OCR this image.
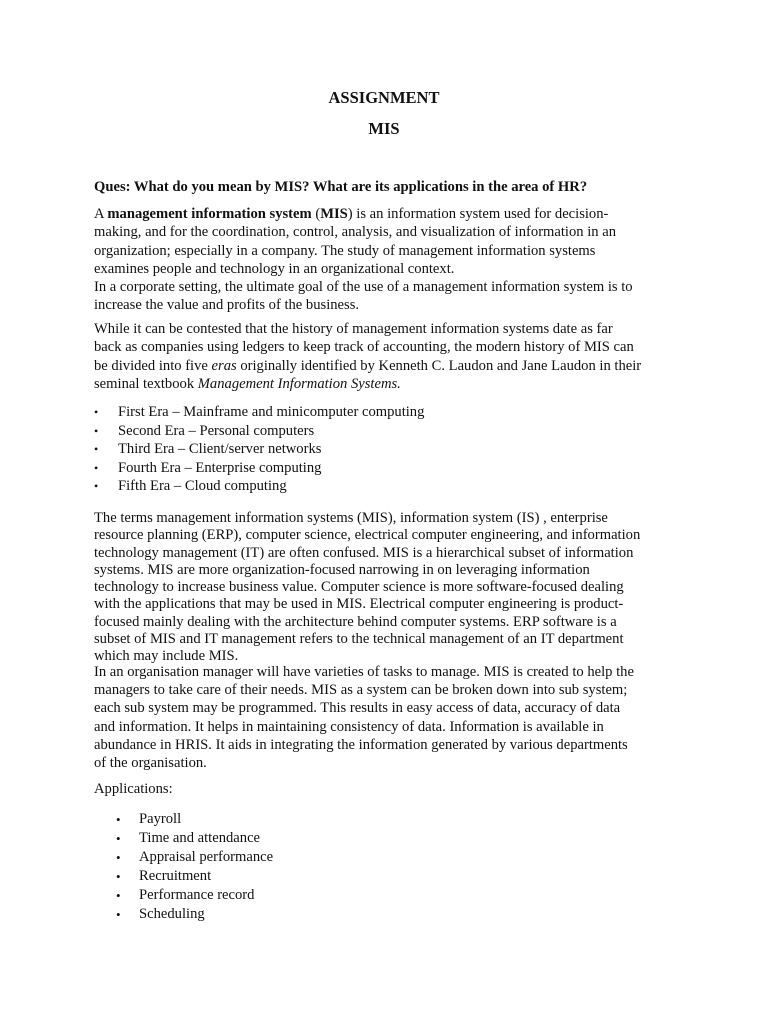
ASSIGNMENT
MIS
Ques: What do you mean by MIS? What are its applications in the area of HR?
A management information system (MIS) is an information system used for decision-
making, and for the coordination, control, analysis, and visualization of information in an
organization; especially in a company. The study of management information systems
examines people and technology in an organizational context.
In a corporate setting, the ultimate goal of the use of a management information system is to
increase the value and profits of the business.
While it can be contested that the history of management information systems date as far
back as companies using ledgers to keep track of accounting, the modern history of MIS can
be divided into five eras originally identified by Kenneth C. Laudon and Jane Laudon in their
seminal textbook Management Information Systems.
• First Era – Mainframe and minicomputer computing
• Second Era – Personal computers
• Third Era – Client/server networks
• Fourth Era – Enterprise computing
• Fifth Era – Cloud computing
The terms management information systems (MIS), information system (IS) , enterprise
resource planning (ERP), computer science, electrical computer engineering, and information
technology management (IT) are often confused. MIS is a hierarchical subset of information
systems. MIS are more organization-focused narrowing in on leveraging information
technology to increase business value. Computer science is more software-focused dealing
with the applications that may be used in MIS. Electrical computer engineering is product-
focused mainly dealing with the architecture behind computer systems. ERP software is a
subset of MIS and IT management refers to the technical management of an IT department
which may include MIS.
In an organisation manager will have varieties of tasks to manage. MIS is created to help the
managers to take care of their needs. MIS as a system can be broken down into sub system;
each sub system may be programmed. This results in easy access of data, accuracy of data
and information. It helps in maintaining consistency of data. Information is available in
abundance in HRIS. It aids in integrating the information generated by various departments
of the organisation.
Applications:
• Payroll
• Time and attendance
• Appraisal performance
• Recruitment
• Performance record
• Scheduling
